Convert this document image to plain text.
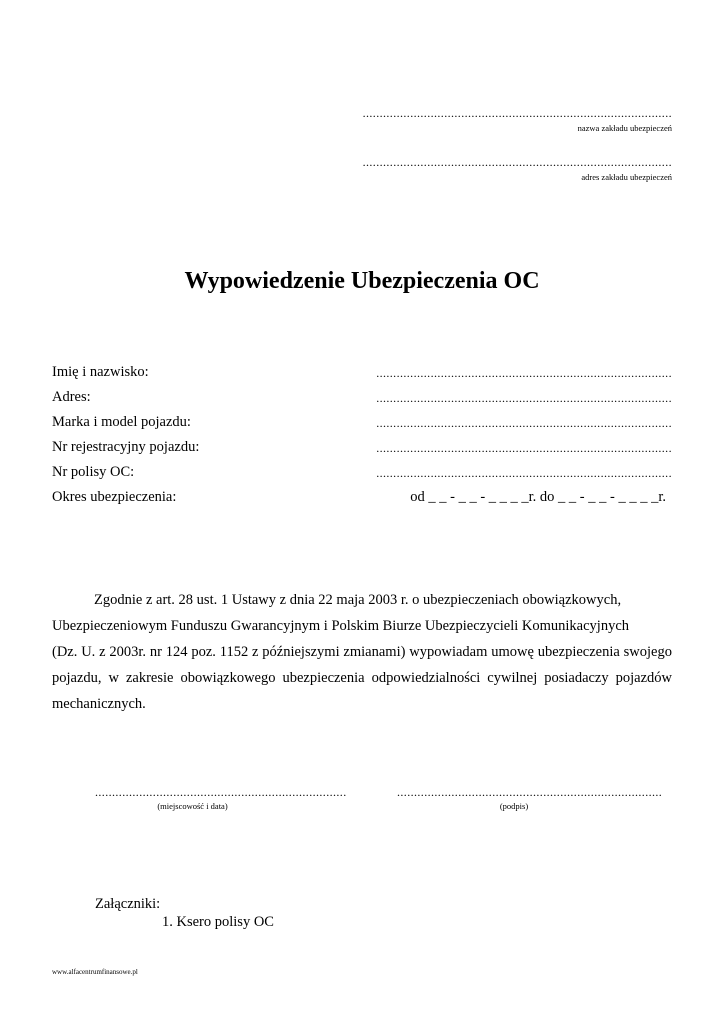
...........................................................................................
nazwa zakładu ubezpieczeń
...........................................................................................
adres zakładu ubezpieczeń
Wypowiedzenie Ubezpieczenia OC
Imię i nazwisko:	.......................................................................................
Adres:	.......................................................................................
Marka i model pojazdu:	.......................................................................................
Nr rejestracyjny pojazdu:	.......................................................................................
Nr polisy OC:	.......................................................................................
Okres ubezpieczenia:	od _ _ - _ _ - _ _ _ _r. do _ _ - _ _ - _ _ _ _r.

Zgodnie z art. 28 ust. 1 Ustawy z dnia 22 maja 2003 r. o ubezpieczeniach obowiązkowych,

Ubezpieczeniowym Funduszu Gwarancyjnym i Polskim Biurze Ubezpieczycieli Komunikacyjnych

(Dz. U. z 2003r. nr 124 poz. 1152 z późniejszymi zmianami) wypowiadam umowę ubezpieczenia swojego pojazdu, w zakresie obowiązkowego ubezpieczenia odpowiedzialności cywilnej posiadaczy pojazdów mechanicznych.

..........................................................................
(miejscowość i data)
..............................................................................
(podpis)
Załączniki:
1. Ksero polisy OC
www.alfacentrumfinansowe.pl
